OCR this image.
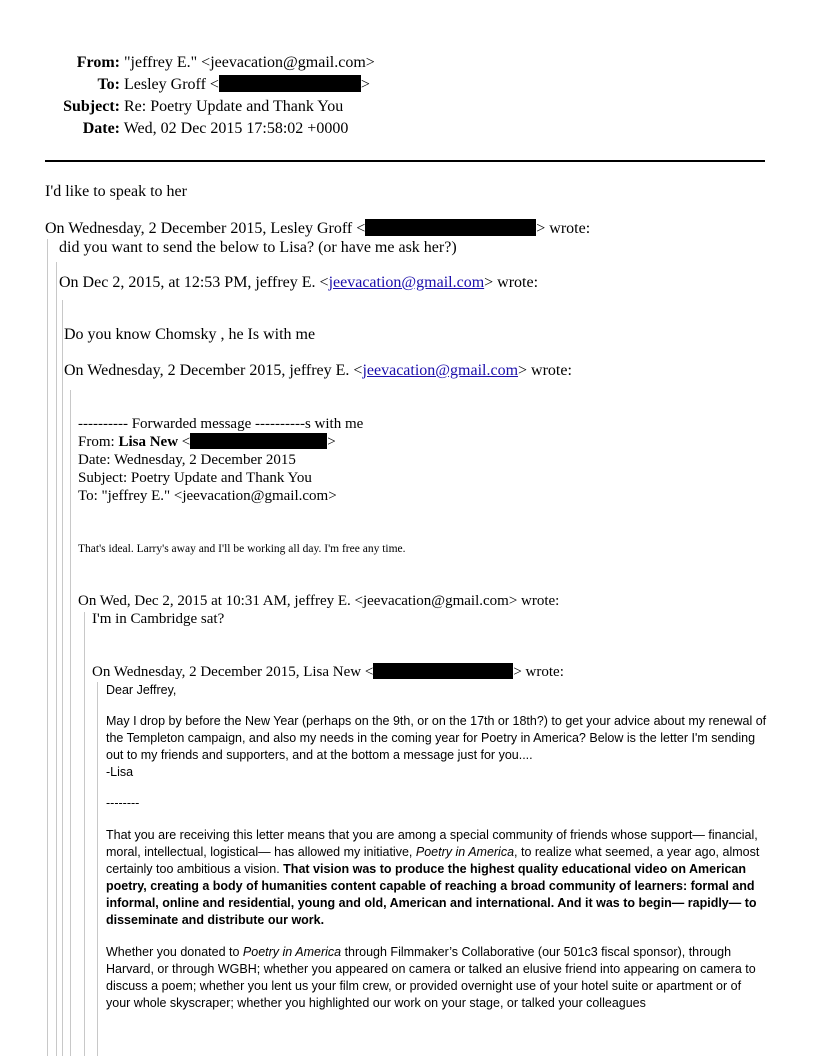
From: "jeffrey E." <jeevacation@gmail.com>
To: Lesley Groff <	>
Subject: Re: Poetry Update and Thank You
Date: Wed, 02 Dec 2015 17:58:02 +0000
I'd like to speak to her
On Wednesday, 2 December 2015, Lesley Groff <	> wrote:
did you want to send the below to Lisa? (or have me ask her?)
On Dec 2, 2015, at 12:53 PM, jeffrey E. <jeevacation@gmail.com> wrote:
Do you know Chomsky , he Is with me
On Wednesday, 2 December 2015, jeffrey E. <jeevacation@gmail.com> wrote:
---------- Forwarded message ----------s with me
From: Lisa New <	>
Date: Wednesday, 2 December 2015
Subject: Poetry Update and Thank You
To: "jeffrey E." <jeevacation@gmail.com>
That's ideal. Larry's away and I'll be working all day. I'm free any time.
On Wed, Dec 2, 2015 at 10:31 AM, jeffrey E. <jeevacation@gmail.com> wrote:
I'm in Cambridge sat?
On Wednesday, 2 December 2015, Lisa New <	> wrote:
Dear Jeffrey,
May I drop by before the New Year (perhaps on the 9th, or on the 17th or 18th?) to get your advice about my renewal of the Templeton campaign, and also my needs in the coming year for Poetry in America? Below is the letter I'm sending out to my friends and supporters, and at the bottom a message just for you....
-Lisa
--------
That you are receiving this letter means that you are among a special community of friends whose support— financial, moral, intellectual, logistical— has allowed my initiative, Poetry in America, to realize what seemed, a year ago, almost certainly too ambitious a vision. That vision was to produce the highest quality educational video on American poetry, creating a body of humanities content capable of reaching a broad community of learners: formal and informal, online and residential, young and old, American and international. And it was to begin— rapidly— to disseminate and distribute our work.
Whether you donated to Poetry in America through Filmmaker’s Collaborative (our 501c3 fiscal sponsor), through Harvard, or through WGBH; whether you appeared on camera or talked an elusive friend into appearing on camera to discuss a poem; whether you lent us your film crew, or provided overnight use of your hotel suite or apartment or of your whole skyscraper; whether you highlighted our work on your stage, or talked your colleagues
